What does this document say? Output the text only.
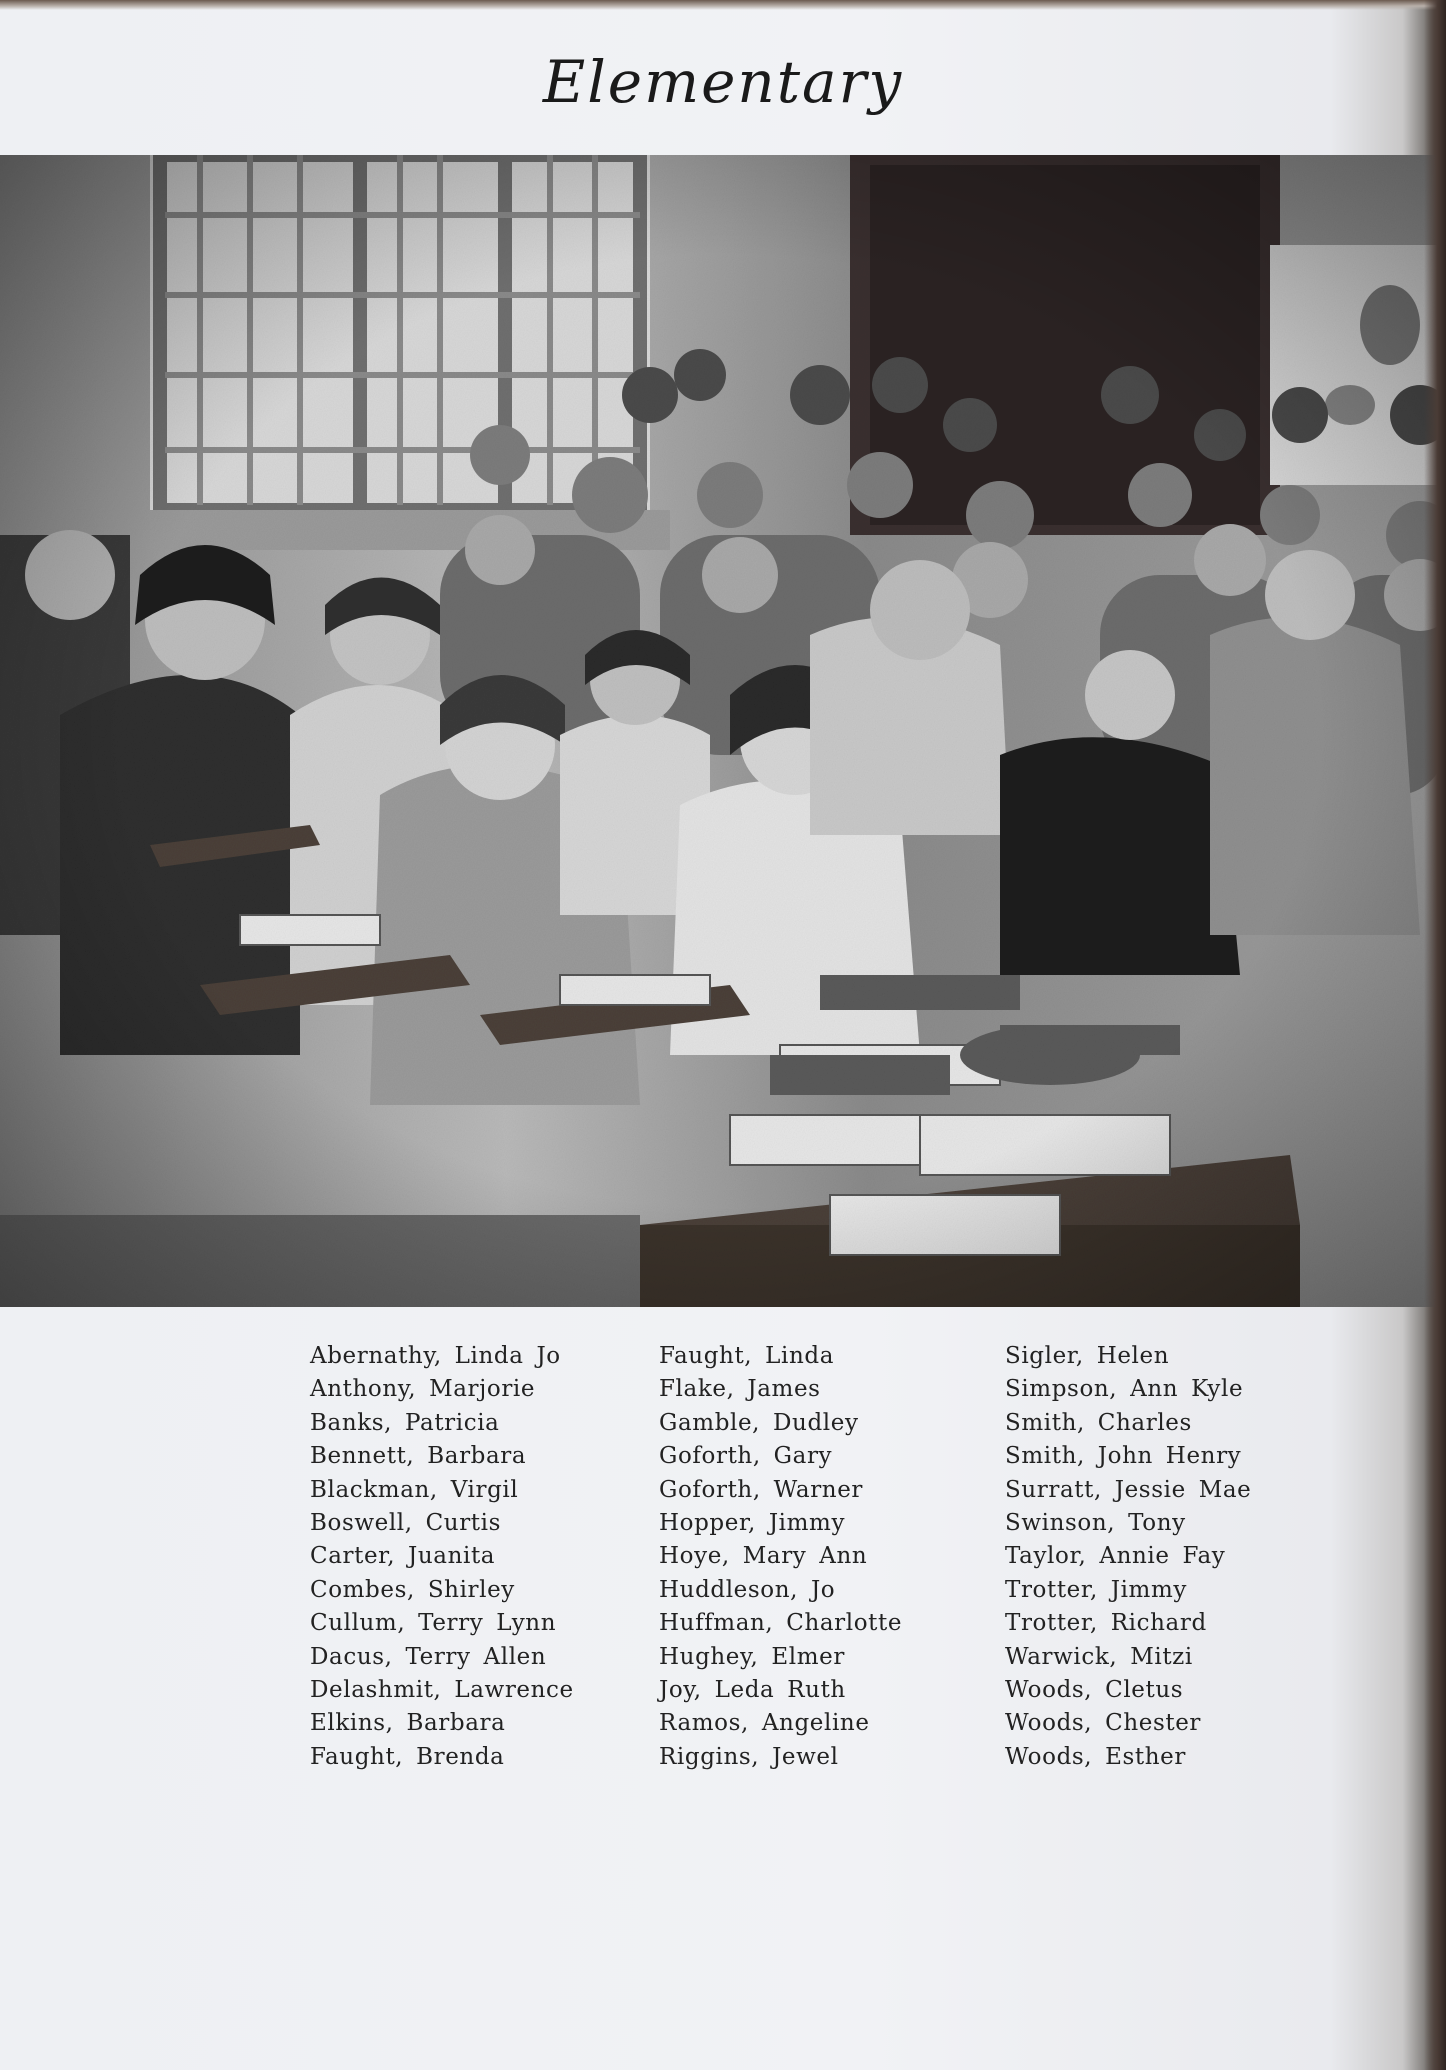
Elementary
Abernathy, Linda Jo
Anthony, Marjorie
Banks, Patricia
Bennett, Barbara
Blackman, Virgil
Boswell, Curtis
Carter, Juanita
Combes, Shirley
Cullum, Terry Lynn
Dacus, Terry Allen
Delashmit, Lawrence
Elkins, Barbara
Faught, Brenda
Faught, Linda
Flake, James
Gamble, Dudley
Goforth, Gary
Goforth, Warner
Hopper, Jimmy
Hoye, Mary Ann
Huddleson, Jo
Huffman, Charlotte
Hughey, Elmer
Joy, Leda Ruth
Ramos, Angeline
Riggins, Jewel
Sigler, Helen
Simpson, Ann Kyle
Smith, Charles
Smith, John Henry
Surratt, Jessie Mae
Swinson, Tony
Taylor, Annie Fay
Trotter, Jimmy
Trotter, Richard
Warwick, Mitzi
Woods, Cletus
Woods, Chester
Woods, Esther
